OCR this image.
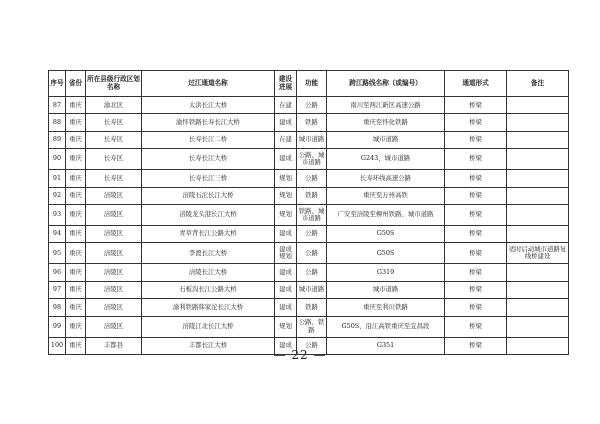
序号	省份	所在县级行政区划名称	过江通道名称	建设进展	功能	跨江路线名称（或编号）	通道形式	备注
87	重庆	渝北区	太洪长江大桥	在建	公路	南川至两江新区高速公路	桥梁	
88	重庆	长寿区	渝怀铁路长寿长江大桥	建成	铁路	重庆至怀化铁路	桥梁	
89	重庆	长寿区	长寿长江二桥	在建	城市道路	城市道路	桥梁	
90	重庆	长寿区	长寿长江大桥	建成	公路、城市道路	G243、城市道路	桥梁	
91	重庆	长寿区	长寿长江三桥	规划	公路	长寿环线高速公路	桥梁	
92	重庆	涪陵区	涪陵石沱长江大桥	规划	铁路	重庆至万州高铁	桥梁	
93	重庆	涪陵区	涪陵龙头港长江大桥	规划	铁路、城市道路	广安至涪陵至柳州铁路、城市道路	桥梁	
94	重庆	涪陵区	青草背长江公路大桥	建成	公路	G50S	桥梁	
95	重庆	涪陵区	李渡长江大桥	建成规划	公路	G50S	桥梁	适时启动城市道路复线桥建设
96	重庆	涪陵区	涪陵长江大桥	建成	公路	G319	桥梁	
97	重庆	涪陵区	石板沟长江公路大桥	建成	城市道路	城市道路	桥梁	
98	重庆	涪陵区	渝利铁路韩家沱长江大桥	建成	铁路	重庆至利川铁路	桥梁	
99	重庆	涪陵区	涪陵江北长江大桥	规划	公路、铁路	G50S、沿江高铁重庆至宜昌段	桥梁	
100	重庆	丰都县	丰都长江大桥	建成	公路	G351	桥梁	
— 22 —
